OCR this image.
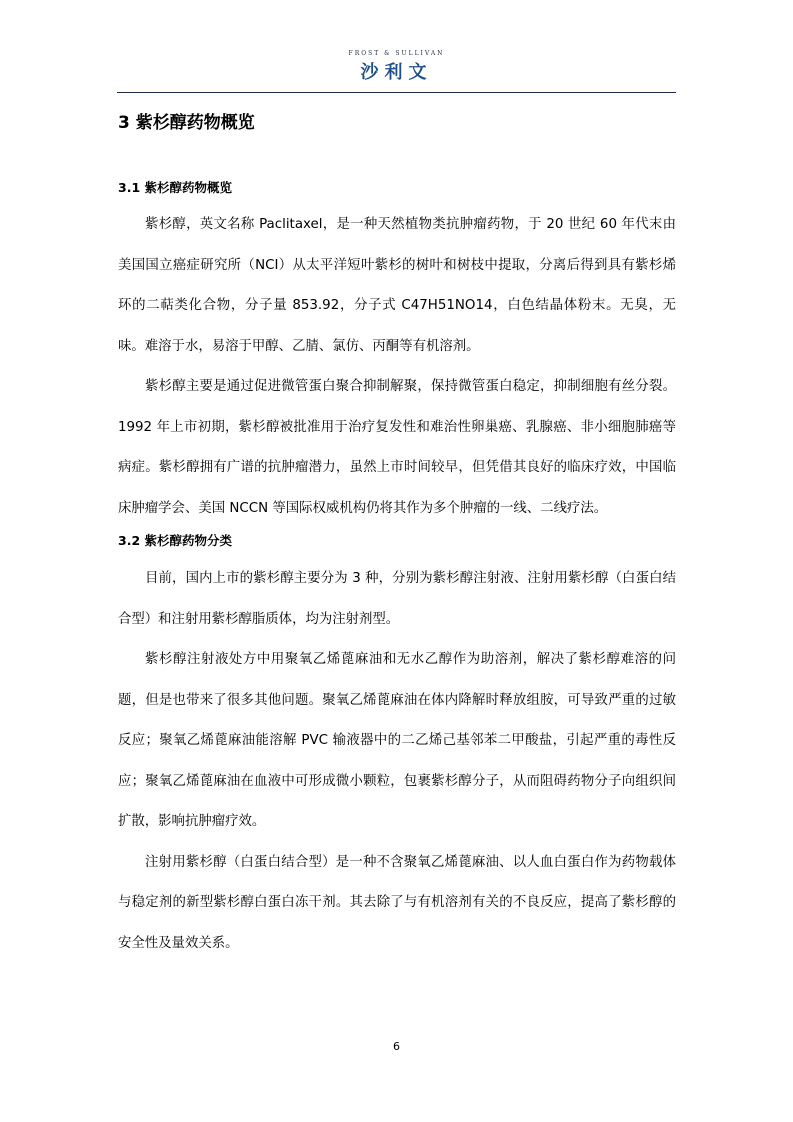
FROST & SULLIVAN
沙利文
3 紫杉醇药物概览
3.1 紫杉醇药物概览

紫杉醇，英文名称 Paclitaxel，是一种天然植物类抗肿瘤药物，于 20 世纪 60 年代末由美国国立癌症研究所（NCI）从太平洋短叶紫杉的树叶和树枝中提取，分离后得到具有紫杉烯环的二萜类化合物，分子量 853.92，分子式 C47H51NO14，白色结晶体粉末。无臭，无味。难溶于水，易溶于甲醇、乙腈、氯仿、丙酮等有机溶剂。

紫杉醇主要是通过促进微管蛋白聚合抑制解聚，保持微管蛋白稳定，抑制细胞有丝分裂。1992 年上市初期，紫杉醇被批准用于治疗复发性和难治性卵巢癌、乳腺癌、非小细胞肺癌等病症。紫杉醇拥有广谱的抗肿瘤潜力，虽然上市时间较早，但凭借其良好的临床疗效，中国临床肿瘤学会、美国 NCCN 等国际权威机构仍将其作为多个肿瘤的一线、二线疗法。

3.2 紫杉醇药物分类

目前，国内上市的紫杉醇主要分为 3 种，分别为紫杉醇注射液、注射用紫杉醇（白蛋白结合型）和注射用紫杉醇脂质体，均为注射剂型。

紫杉醇注射液处方中用聚氧乙烯蓖麻油和无水乙醇作为助溶剂，解决了紫杉醇难溶的问题，但是也带来了很多其他问题。聚氧乙烯蓖麻油在体内降解时释放组胺，可导致严重的过敏反应；聚氧乙烯蓖麻油能溶解 PVC 输液器中的二乙烯己基邻苯二甲酸盐，引起严重的毒性反应；聚氧乙烯蓖麻油在血液中可形成微小颗粒，包裹紫杉醇分子，从而阻碍药物分子向组织间扩散，影响抗肿瘤疗效。

注射用紫杉醇（白蛋白结合型）是一种不含聚氧乙烯蓖麻油、以人血白蛋白作为药物载体与稳定剂的新型紫杉醇白蛋白冻干剂。其去除了与有机溶剂有关的不良反应，提高了紫杉醇的安全性及量效关系。

6
